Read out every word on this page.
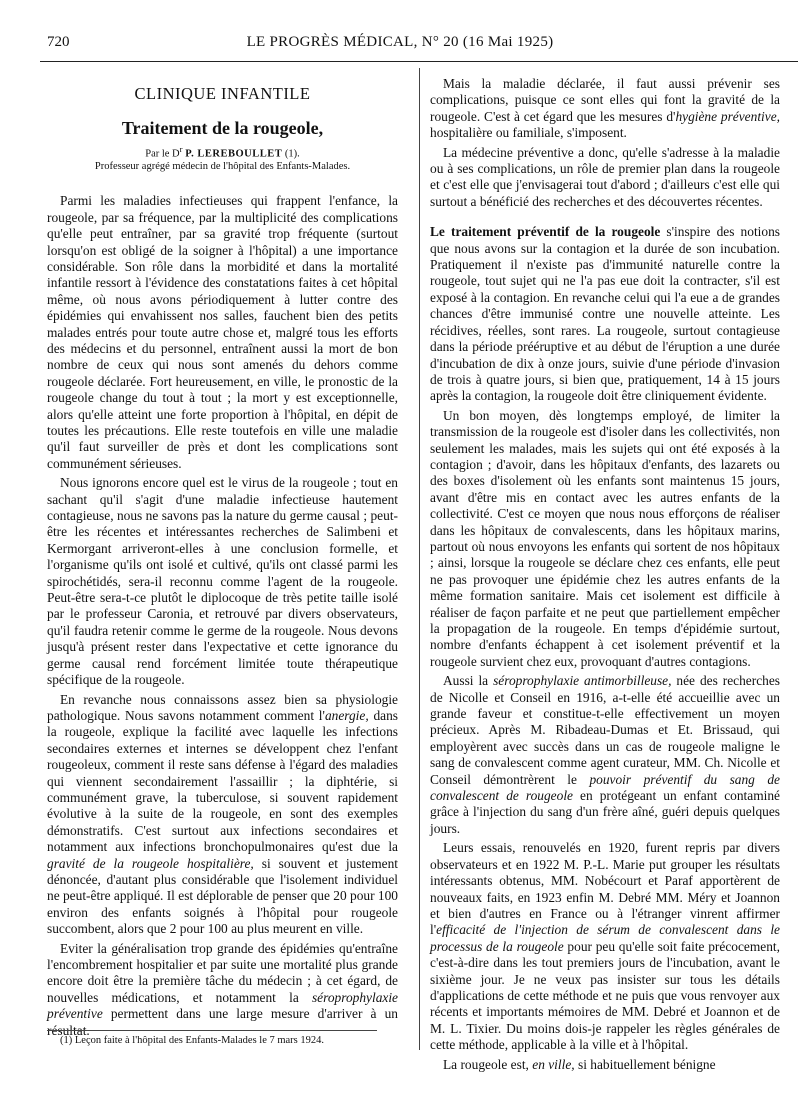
720	LE PROGRÈS MÉDICAL, N° 20 (16 Mai 1925)
CLINIQUE INFANTILE
Traitement de la rougeole,
Par le $D^r$ P. LEREBOULLET (1).
Professeur agrégé médecin de l'hôpital des Enfants-Malades.

Parmi les maladies infectieuses qui frappent l'enfance, la rougeole, par sa fréquence, par la multiplicité des complications qu'elle peut entraîner, par sa gravité trop fréquente (surtout lorsqu'on est obligé de la soigner à l'hôpital) a une importance considérable. Son rôle dans la morbidité et dans la mortalité infantile ressort à l'évidence des constatations faites à cet hôpital même, où nous avons périodiquement à lutter contre des épidémies qui envahissent nos salles, fauchent bien des petits malades entrés pour toute autre chose et, malgré tous les efforts des médecins et du personnel, entraînent aussi la mort de bon nombre de ceux qui nous sont amenés du dehors comme rougeole déclarée. Fort heureusement, en ville, le pronostic de la rougeole change du tout à tout ; la mort y est exceptionnelle, alors qu'elle atteint une forte proportion à l'hôpital, en dépit de toutes les précautions. Elle reste toutefois en ville une maladie qu'il faut surveiller de près et dont les complications sont communément sérieuses.

Nous ignorons encore quel est le virus de la rougeole ; tout en sachant qu'il s'agit d'une maladie infectieuse hautement contagieuse, nous ne savons pas la nature du germe causal ; peut-être les récentes et intéressantes recherches de Salimbeni et Kermorgant arriveront-elles à une conclusion formelle, et l'organisme qu'ils ont isolé et cultivé, qu'ils ont classé parmi les spirochétidés, sera-il reconnu comme l'agent de la rougeole. Peut-être sera-t-ce plutôt le diplocoque de très petite taille isolé par le professeur Caronia, et retrouvé par divers observateurs, qu'il faudra retenir comme le germe de la rougeole. Nous devons jusqu'à présent rester dans l'expectative et cette ignorance du germe causal rend forcément limitée toute thérapeutique spécifique de la rougeole.

En revanche nous connaissons assez bien sa physiologie pathologique. Nous savons notamment comment l'anergie, dans la rougeole, explique la facilité avec laquelle les infections secondaires externes et internes se développent chez l'enfant rougeoleux, comment il reste sans défense à l'égard des maladies qui viennent secondairement l'assaillir ; la diphtérie, si communément grave, la tuberculose, si souvent rapidement évolutive à la suite de la rougeole, en sont des exemples démonstratifs. C'est surtout aux infections secondaires et notamment aux infections bronchopulmonaires qu'est due la gravité de la rougeole hospitalière, si souvent et justement dénoncée, d'autant plus considérable que l'isolement individuel ne peut-être appliqué. Il est déplorable de penser que 20 pour 100 environ des enfants soignés à l'hôpital pour rougeole succombent, alors que 2 pour 100 au plus meurent en ville.

Eviter la généralisation trop grande des épidémies qu'entraîne l'encombrement hospitalier et par suite une mortalité plus grande encore doit être la première tâche du médecin ; à cet égard, de nouvelles médications, et notamment la séroprophylaxie préventive permettent dans une large mesure d'arriver à un résultat.

(1) Leçon faite à l'hôpital des Enfants-Malades le 7 mars 1924.

Mais la maladie déclarée, il faut aussi prévenir ses complications, puisque ce sont elles qui font la gravité de la rougeole. C'est à cet égard que les mesures d'hygiène préventive, hospitalière ou familiale, s'imposent.

La médecine préventive a donc, qu'elle s'adresse à la maladie ou à ses complications, un rôle de premier plan dans la rougeole et c'est elle que j'envisagerai tout d'abord ; d'ailleurs c'est elle qui surtout a bénéficié des recherches et des découvertes récentes.

Le traitement préventif de la rougeole s'inspire des notions que nous avons sur la contagion et la durée de son incubation. Pratiquement il n'existe pas d'immunité naturelle contre la rougeole, tout sujet qui ne l'a pas eue doit la contracter, s'il est exposé à la contagion. En revanche celui qui l'a eue a de grandes chances d'être immunisé contre une nouvelle atteinte. Les récidives, réelles, sont rares. La rougeole, surtout contagieuse dans la période prééruptive et au début de l'éruption a une durée d'incubation de dix à onze jours, suivie d'une période d'invasion de trois à quatre jours, si bien que, pratiquement, 14 à 15 jours après la contagion, la rougeole doit être cliniquement évidente.

Un bon moyen, dès longtemps employé, de limiter la transmission de la rougeole est d'isoler dans les collectivités, non seulement les malades, mais les sujets qui ont été exposés à la contagion ; d'avoir, dans les hôpitaux d'enfants, des lazarets ou des boxes d'isolement où les enfants sont maintenus 15 jours, avant d'être mis en contact avec les autres enfants de la collectivité. C'est ce moyen que nous nous efforçons de réaliser dans les hôpitaux de convalescents, dans les hôpitaux marins, partout où nous envoyons les enfants qui sortent de nos hôpitaux ; ainsi, lorsque la rougeole se déclare chez ces enfants, elle peut ne pas provoquer une épidémie chez les autres enfants de la même formation sanitaire. Mais cet isolement est difficile à réaliser de façon parfaite et ne peut que partiellement empêcher la propagation de la rougeole. En temps d'épidémie surtout, nombre d'enfants échappent à cet isolement préventif et la rougeole survient chez eux, provoquant d'autres contagions.

Aussi la séroprophylaxie antimorbilleuse, née des recherches de Nicolle et Conseil en 1916, a-t-elle été accueillie avec un grande faveur et constitue-t-elle effectivement un moyen précieux. Après M. Ribadeau-Dumas et Et. Brissaud, qui employèrent avec succès dans un cas de rougeole maligne le sang de convalescent comme agent curateur, MM. Ch. Nicolle et Conseil démontrèrent le pouvoir préventif du sang de convalescent de rougeole en protégeant un enfant contaminé grâce à l'injection du sang d'un frère aîné, guéri depuis quelques jours.

Leurs essais, renouvelés en 1920, furent repris par divers observateurs et en 1922 M. P.-L. Marie put grouper les résultats intéressants obtenus, MM. Nobécourt et Paraf apportèrent de nouveaux faits, en 1923 enfin M. Debré MM. Méry et Joannon et bien d'autres en France ou à l'étranger vinrent affirmer l'efficacité de l'injection de sérum de convalescent dans le processus de la rougeole pour peu qu'elle soit faite précocement, c'est-à-dire dans les tout premiers jours de l'incubation, avant le sixième jour. Je ne veux pas insister sur tous les détails d'applications de cette méthode et ne puis que vous renvoyer aux récents et importants mémoires de MM. Debré et Joannon et de M. L. Tixier. Du moins dois-je rappeler les règles générales de cette méthode, applicable à la ville et à l'hôpital.

La rougeole est, en ville, si habituellement bénigne
